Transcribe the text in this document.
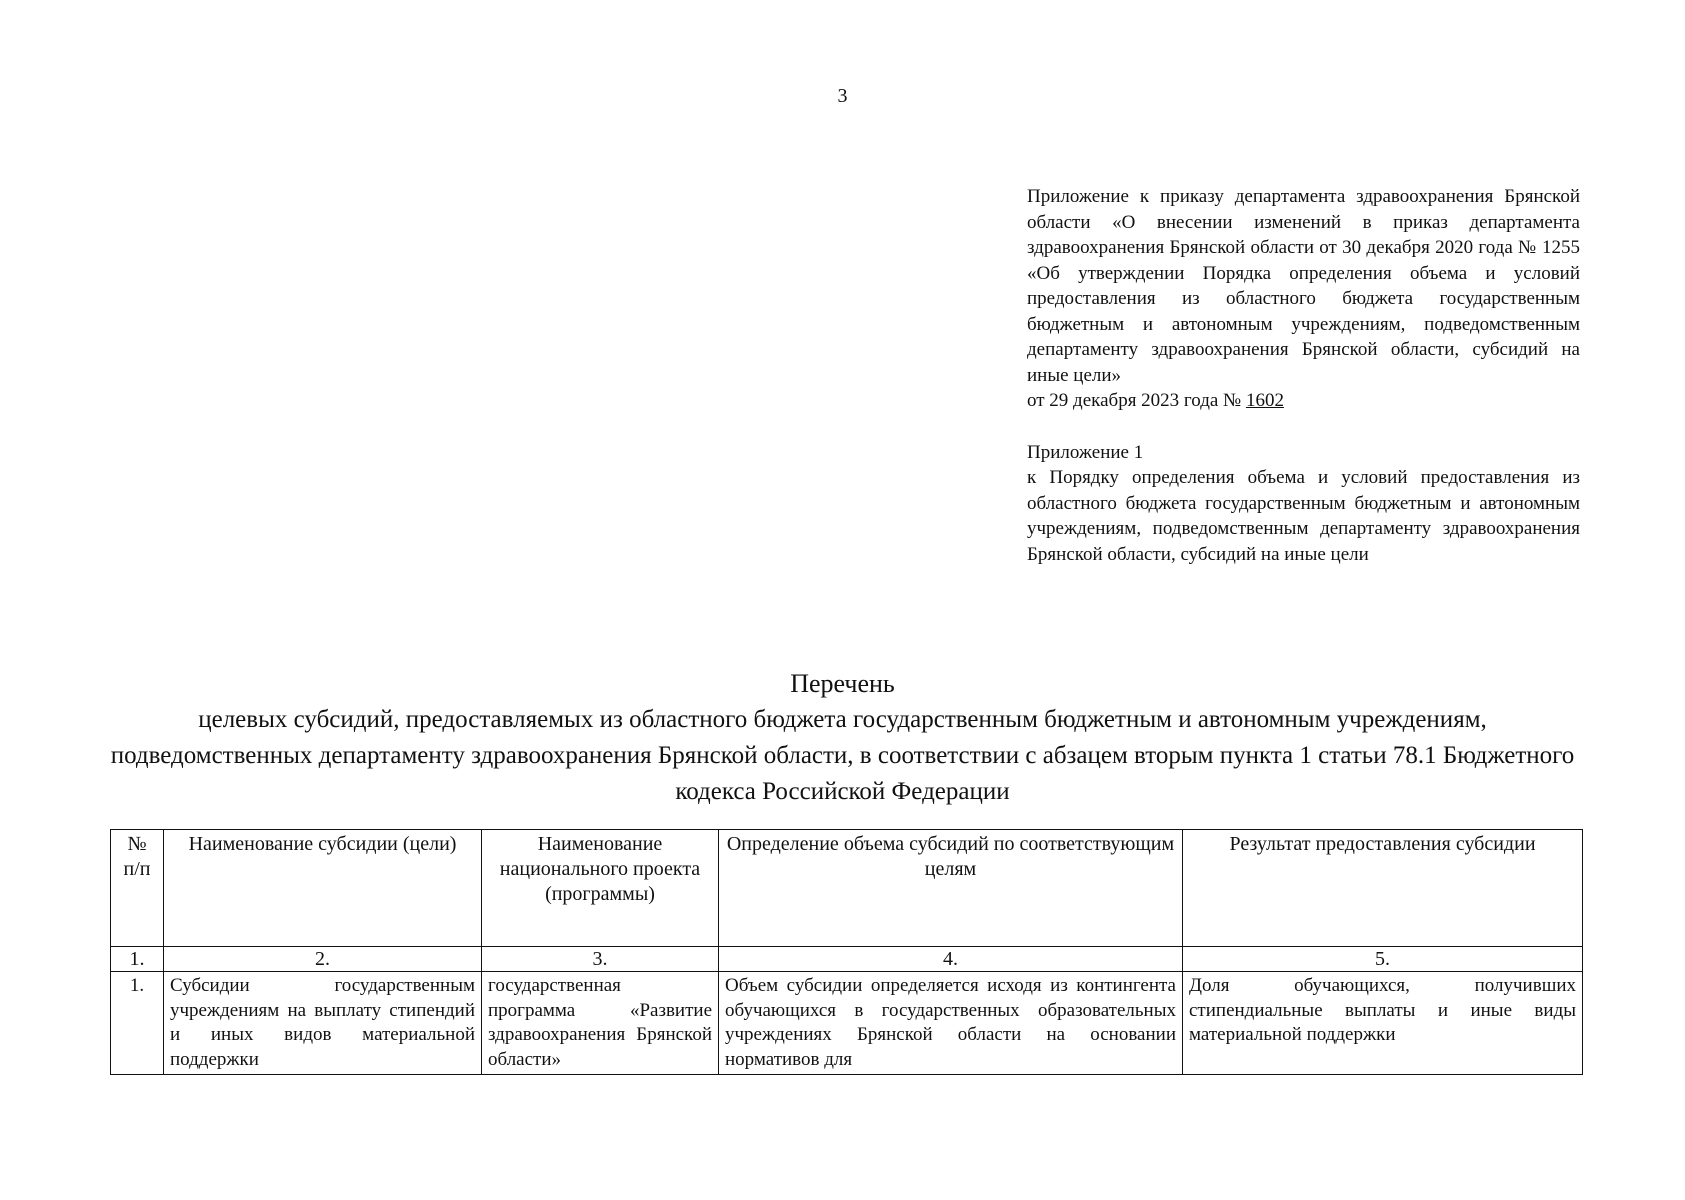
3
Приложение к приказу департамента здравоохранения Брянской области «О внесении изменений в приказ департамента здравоохранения Брянской области от 30 декабря 2020 года № 1255 «Об утверждении Порядка определения объема и условий предоставления из областного бюджета государственным бюджетным и автономным учреждениям, подведомственным департаменту здравоохранения Брянской области, субсидий на иные цели»
от 29 декабря 2023 года № 1602
Приложение 1
к Порядку определения объема и условий предоставления из областного бюджета государственным бюджетным и автономным учреждениям, подведомственным департаменту здравоохранения Брянской области, субсидий на иные цели
Перечень
целевых субсидий, предоставляемых из областного бюджета государственным бюджетным и автономным учреждениям, подведомственных департаменту здравоохранения Брянской области, в соответствии с абзацем вторым пункта 1 статьи 78.1 Бюджетного кодекса Российской Федерации
№ п/п	Наименование субсидии (цели)	Наименование национального проекта (программы)	Определение объема субсидий по соответствующим целям	Результат предоставления субсидии
1.	2.	3.	4.	5.
1.	Субсидии государственным учреждениям на выплату стипендий и иных видов материальной поддержки	государственная программа «Развитие здравоохранения Брянской области»	Объем субсидии определяется исходя из контингента обучающихся в государственных образовательных учреждениях Брянской области на основании нормативов для	Доля обучающихся, получивших стипендиальные выплаты и иные виды материальной поддержки
